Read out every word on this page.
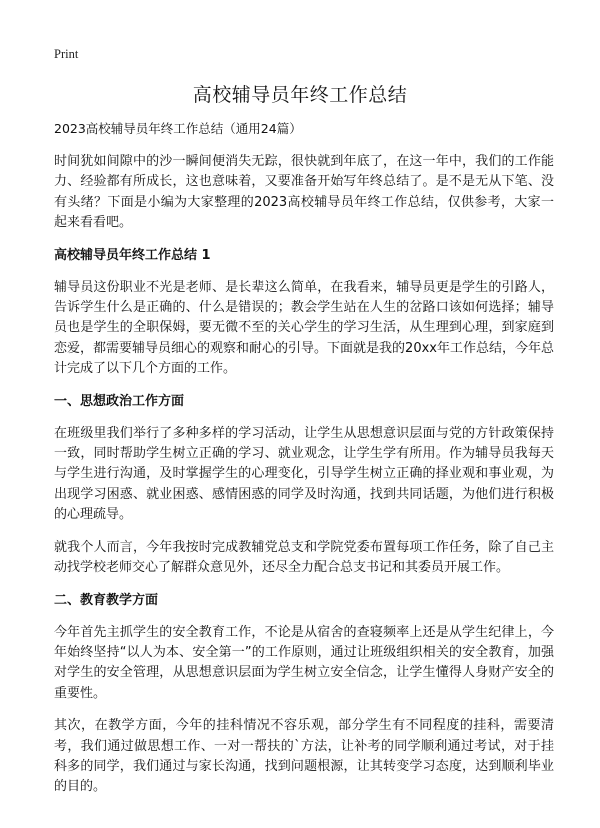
Print
高校辅导员年终工作总结
2023高校辅导员年终工作总结（通用24篇）

时间犹如间隙中的沙一瞬间便消失无踪，很快就到年底了，在这一年中，我们的工作能力、经验都有所成长，这也意味着，又要准备开始写年终总结了。是不是无从下笔、没有头绪？下面是小编为大家整理的2023高校辅导员年终工作总结，仅供参考，大家一起来看看吧。

高校辅导员年终工作总结 1

辅导员这份职业不光是老师、是长辈这么简单，在我看来，辅导员更是学生的引路人，告诉学生什么是正确的、什么是错误的；教会学生站在人生的岔路口该如何选择；辅导员也是学生的全职保姆，要无微不至的关心学生的学习生活，从生理到心理，到家庭到恋爱，都需要辅导员细心的观察和耐心的引导。下面就是我的20xx年工作总结，今年总计完成了以下几个方面的工作。

一、思想政治工作方面

在班级里我们举行了多种多样的学习活动，让学生从思想意识层面与党的方针政策保持一致，同时帮助学生树立正确的学习、就业观念，让学生学有所用。作为辅导员我每天与学生进行沟通，及时掌握学生的心理变化，引导学生树立正确的择业观和事业观，为出现学习困惑、就业困惑、感情困惑的同学及时沟通，找到共同话题，为他们进行积极的心理疏导。

就我个人而言，今年我按时完成教辅党总支和学院党委布置每项工作任务，除了自己主动找学校老师交心了解群众意见外，还尽全力配合总支书记和其委员开展工作。

二、教育教学方面

今年首先主抓学生的安全教育工作，不论是从宿舍的查寝频率上还是从学生纪律上，今年始终坚持“以人为本、安全第一”的工作原则，通过让班级组织相关的安全教育，加强对学生的安全管理，从思想意识层面为学生树立安全信念，让学生懂得人身财产安全的重要性。

其次，在教学方面，今年的挂科情况不容乐观，部分学生有不同程度的挂科，需要清考，我们通过做思想工作、一对一帮扶的`方法，让补考的同学顺利通过考试，对于挂科多的同学，我们通过与家长沟通，找到问题根源，让其转变学习态度，达到顺利毕业的目的。
